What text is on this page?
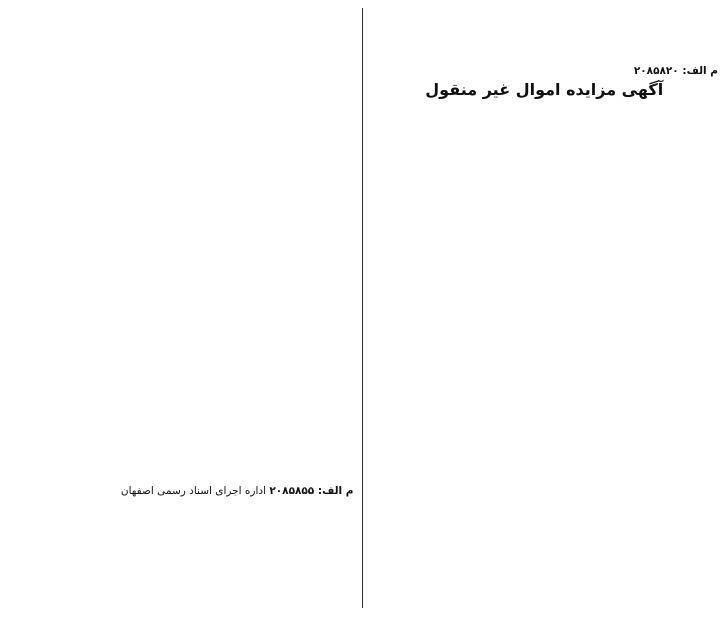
م الف: ۲۰۸۵۸۲۰

آگهی مزایده اموال غیر منقول

م الف: ۲۰۸۵۸۵۵ اداره اجرای اسناد رسمی اصفهان
